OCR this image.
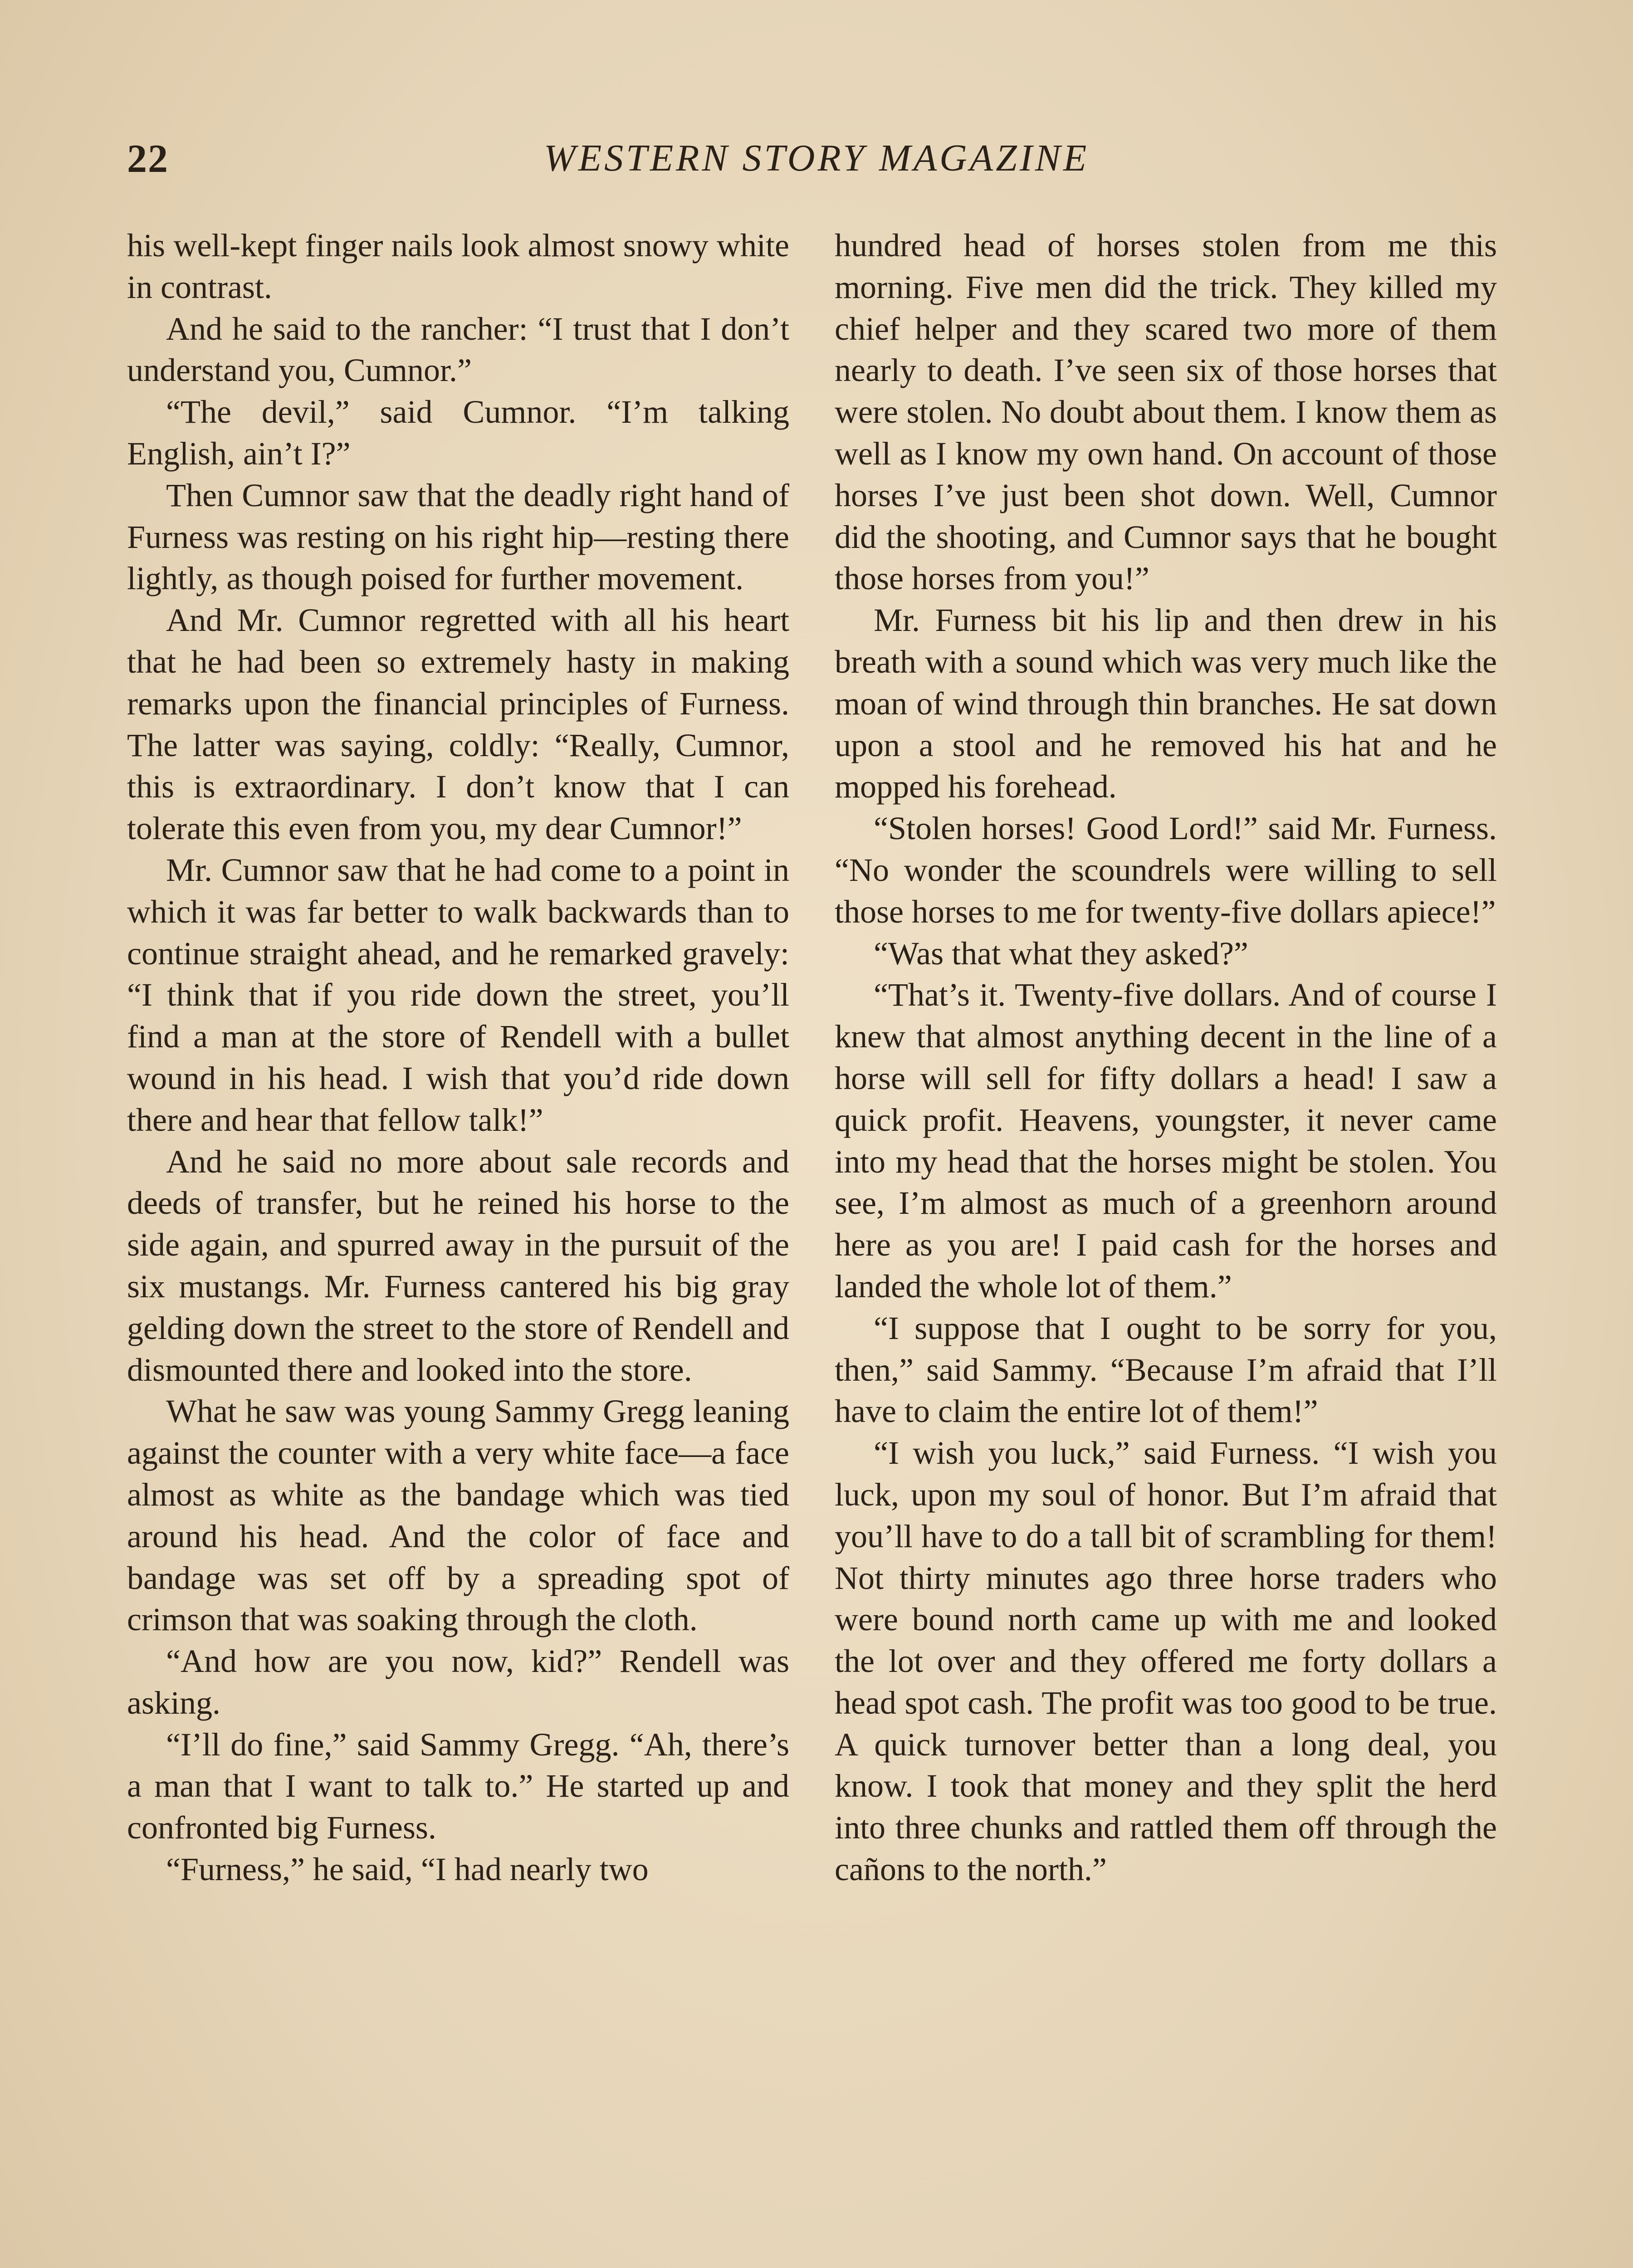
22	WESTERN STORY MAGAZINE

his well-kept finger nails look almost snowy white in contrast.

And he said to the rancher: “I trust that I don’t understand you, Cumnor.”

“The devil,” said Cumnor. “I’m talking English, ain’t I?”

Then Cumnor saw that the deadly right hand of Furness was resting on his right hip—resting there lightly, as though poised for further movement.

And Mr. Cumnor regretted with all his heart that he had been so extremely hasty in making remarks upon the financial principles of Furness. The latter was saying, coldly: “Really, Cumnor, this is extraordinary. I don’t know that I can tolerate this even from you, my dear Cumnor!”

Mr. Cumnor saw that he had come to a point in which it was far better to walk backwards than to continue straight ahead, and he remarked gravely: “I think that if you ride down the street, you’ll find a man at the store of Rendell with a bullet wound in his head. I wish that you’d ride down there and hear that fellow talk!”

And he said no more about sale records and deeds of transfer, but he reined his horse to the side again, and spurred away in the pursuit of the six mustangs. Mr. Furness cantered his big gray gelding down the street to the store of Rendell and dismounted there and looked into the store.

What he saw was young Sammy Gregg leaning against the counter with a very white face—a face almost as white as the bandage which was tied around his head. And the color of face and bandage was set off by a spreading spot of crimson that was soaking through the cloth.

“And how are you now, kid?” Rendell was asking.

“I’ll do fine,” said Sammy Gregg. “Ah, there’s a man that I want to talk to.” He started up and confronted big Furness.

“Furness,” he said, “I had nearly two

hundred head of horses stolen from me this morning. Five men did the trick. They killed my chief helper and they scared two more of them nearly to death. I’ve seen six of those horses that were stolen. No doubt about them. I know them as well as I know my own hand. On account of those horses I’ve just been shot down. Well, Cumnor did the shooting, and Cumnor says that he bought those horses from you!”

Mr. Furness bit his lip and then drew in his breath with a sound which was very much like the moan of wind through thin branches. He sat down upon a stool and he removed his hat and he mopped his forehead.

“Stolen horses! Good Lord!” said Mr. Furness. “No wonder the scoundrels were willing to sell those horses to me for twenty-five dollars apiece!”

“Was that what they asked?”

“That’s it. Twenty-five dollars. And of course I knew that almost anything decent in the line of a horse will sell for fifty dollars a head! I saw a quick profit. Heavens, youngster, it never came into my head that the horses might be stolen. You see, I’m almost as much of a greenhorn around here as you are! I paid cash for the horses and landed the whole lot of them.”

“I suppose that I ought to be sorry for you, then,” said Sammy. “Because I’m afraid that I’ll have to claim the entire lot of them!”

“I wish you luck,” said Furness. “I wish you luck, upon my soul of honor. But I’m afraid that you’ll have to do a tall bit of scrambling for them! Not thirty minutes ago three horse traders who were bound north came up with me and looked the lot over and they offered me forty dollars a head spot cash. The profit was too good to be true. A quick turnover better than a long deal, you know. I took that money and they split the herd into three chunks and rattled them off through the cañons to the north.”
